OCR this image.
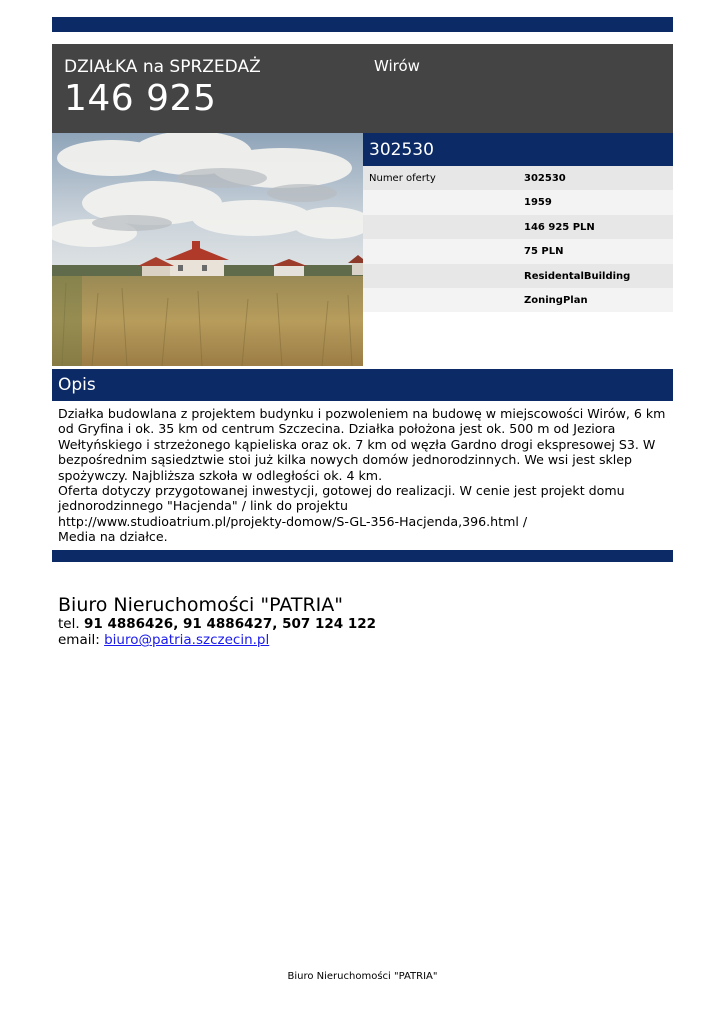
DZIAŁKA na SPRZEDAŻ
146 925
Wirów
302530
Numer oferty	302530
1959
146 925 PLN
75 PLN
ResidentalBuilding
ZoningPlan
Opis

Działka budowlana z projektem budynku i pozwoleniem na budowę w miejscowości Wirów, 6 km od Gryfina i ok. 35 km od centrum Szczecina. Działka położona jest ok. 500 m od Jeziora Wełtyńskiego i strzeżonego kąpieliska oraz ok. 7 km od węzła Gardno drogi ekspresowej S3. W bezpośrednim sąsiedztwie stoi już kilka nowych domów jednorodzinnych. We wsi jest sklep spożywczy. Najbliższa szkoła w odległości ok. 4 km.

Oferta dotyczy przygotowanej inwestycji, gotowej do realizacji. W cenie jest projekt domu jednorodzinnego "Hacjenda" / link do projektu

http://www.studioatrium.pl/projekty-domow/S-GL-356-Hacjenda,396.html /

Media na działce.

Biuro Nieruchomości "PATRIA"
tel. 91 4886426, 91 4886427, 507 124 122
email: biuro@patria.szczecin.pl
Biuro Nieruchomości "PATRIA"
